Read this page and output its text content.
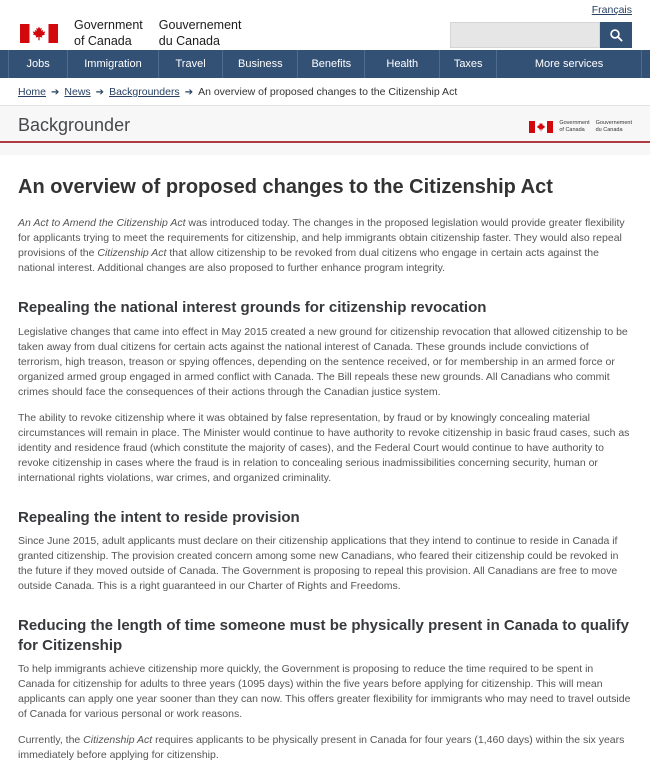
Government
of Canada
Gouvernement
du Canada
Français
Jobs	Immigration	Travel	Business	Benefits	Health	Taxes	More services
Home ➔ News ➔ Backgrounders ➔ An overview of proposed changes to the Citizenship Act
Backgrounder	Government
of Canada
Gouvernement
du Canada
An overview of proposed changes to the Citizenship Act

An Act to Amend the Citizenship Act was introduced today. The changes in the proposed legislation would provide greater flexibility for applicants trying to meet the requirements for citizenship, and help immigrants obtain citizenship faster. They would also repeal provisions of the Citizenship Act that allow citizenship to be revoked from dual citizens who engage in certain acts against the national interest. Additional changes are also proposed to further enhance program integrity.

Repealing the national interest grounds for citizenship revocation

Legislative changes that came into effect in May 2015 created a new ground for citizenship revocation that allowed citizenship to be taken away from dual citizens for certain acts against the national interest of Canada. These grounds include convictions of terrorism, high treason, treason or spying offences, depending on the sentence received, or for membership in an armed force or organized armed group engaged in armed conflict with Canada. The Bill repeals these new grounds. All Canadians who commit crimes should face the consequences of their actions through the Canadian justice system.

The ability to revoke citizenship where it was obtained by false representation, by fraud or by knowingly concealing material circumstances will remain in place. The Minister would continue to have authority to revoke citizenship in basic fraud cases, such as identity and residence fraud (which constitute the majority of cases), and the Federal Court would continue to have authority to revoke citizenship in cases where the fraud is in relation to concealing serious inadmissibilities concerning security, human or international rights violations, war crimes, and organized criminality.

Repealing the intent to reside provision

Since June 2015, adult applicants must declare on their citizenship applications that they intend to continue to reside in Canada if granted citizenship. The provision created concern among some new Canadians, who feared their citizenship could be revoked in the future if they moved outside of Canada. The Government is proposing to repeal this provision. All Canadians are free to move outside Canada. This is a right guaranteed in our Charter of Rights and Freedoms.

Reducing the length of time someone must be physically present in Canada to qualify for Citizenship

To help immigrants achieve citizenship more quickly, the Government is proposing to reduce the time required to be spent in Canada for citizenship for adults to three years (1095 days) within the five years before applying for citizenship. This will mean applicants can apply one year sooner than they can now. This offers greater flexibility for immigrants who may need to travel outside of Canada for various personal or work reasons.

Currently, the Citizenship Act requires applicants to be physically present in Canada for four years (1,460 days) within the six years immediately before applying for citizenship.
